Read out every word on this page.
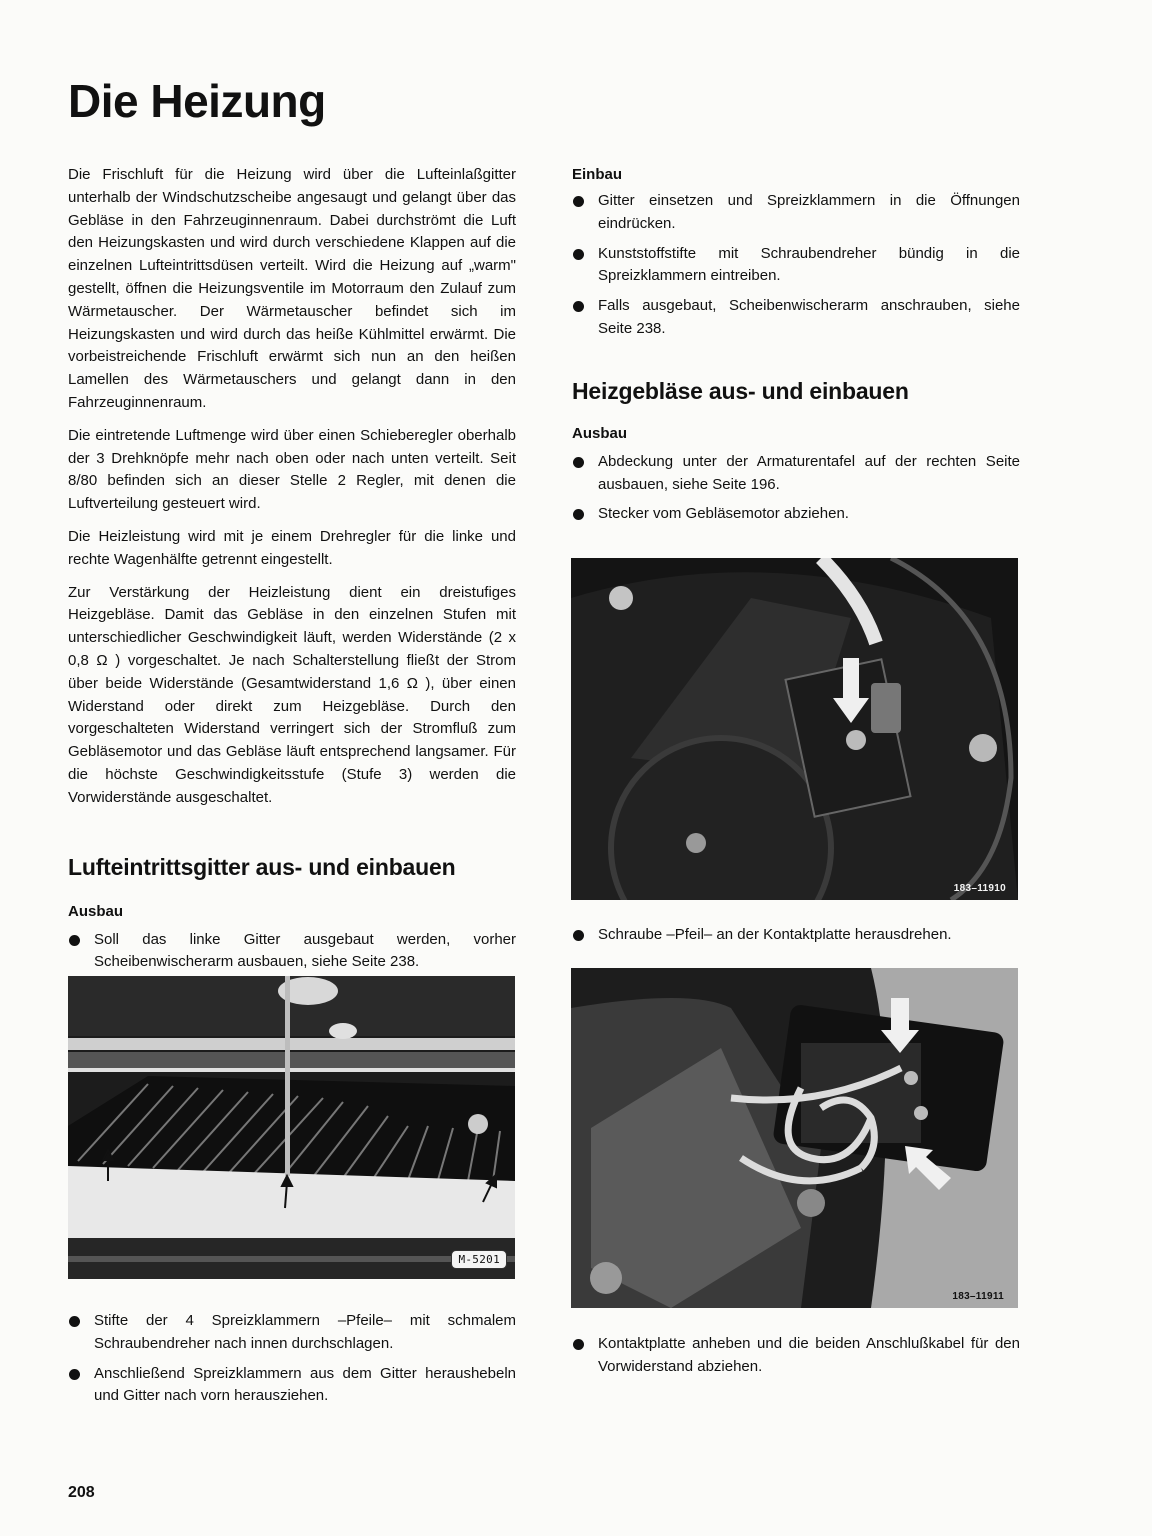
Die Heizung

Die Frischluft für die Heizung wird über die Lufteinlaßgitter unterhalb der Windschutzscheibe angesaugt und gelangt über das Gebläse in den Fahrzeuginnenraum. Dabei durchströmt die Luft den Heizungskasten und wird durch verschiedene Klappen auf die einzelnen Lufteintrittsdüsen verteilt. Wird die Heizung auf „warm" gestellt, öffnen die Heizungsventile im Motorraum den Zulauf zum Wärmetauscher. Der Wärmetauscher befindet sich im Heizungskasten und wird durch das heiße Kühlmittel erwärmt. Die vorbeistreichende Frischluft erwärmt sich nun an den heißen Lamellen des Wärmetauschers und gelangt dann in den Fahrzeuginnenraum.

Die eintretende Luftmenge wird über einen Schieberegler oberhalb der 3 Drehknöpfe mehr nach oben oder nach unten verteilt. Seit 8/80 befinden sich an dieser Stelle 2 Regler, mit denen die Luftverteilung gesteuert wird.

Die Heizleistung wird mit je einem Drehregler für die linke und rechte Wagenhälfte getrennt eingestellt.

Zur Verstärkung der Heizleistung dient ein dreistufiges Heizgebläse. Damit das Gebläse in den einzelnen Stufen mit unterschiedlicher Geschwindigkeit läuft, werden Widerstände (2 x 0,8 Ω ) vorgeschaltet. Je nach Schalterstellung fließt der Strom über beide Widerstände (Gesamtwiderstand 1,6 Ω ), über einen Widerstand oder direkt zum Heizgebläse. Durch den vorgeschalteten Widerstand verringert sich der Stromfluß zum Gebläsemotor und das Gebläse läuft entsprechend langsamer. Für die höchste Geschwindigkeitsstufe (Stufe 3) werden die Vorwiderstände ausgeschaltet.

Lufteintrittsgitter aus- und einbauen
Ausbau
Soll das linke Gitter ausgebaut werden, vorher Scheibenwischerarm ausbauen, siehe Seite 238.
M-5201
Stifte der 4 Spreizklammern –Pfeile– mit schmalem Schraubendreher nach innen durchschlagen.
Anschließend Spreizklammern aus dem Gitter heraushebeln und Gitter nach vorn herausziehen.
Einbau
Gitter einsetzen und Spreizklammern in die Öffnungen eindrücken.
Kunststoffstifte mit Schraubendreher bündig in die Spreizklammern eintreiben.
Falls ausgebaut, Scheibenwischerarm anschrauben, siehe Seite 238.
Heizgebläse aus- und einbauen
Ausbau
Abdeckung unter der Armaturentafel auf der rechten Seite ausbauen, siehe Seite 196.
Stecker vom Gebläsemotor abziehen.
183–11910
Schraube –Pfeil– an der Kontaktplatte herausdrehen.
183–11911
Kontaktplatte anheben und die beiden Anschlußkabel für den Vorwiderstand abziehen.
208
